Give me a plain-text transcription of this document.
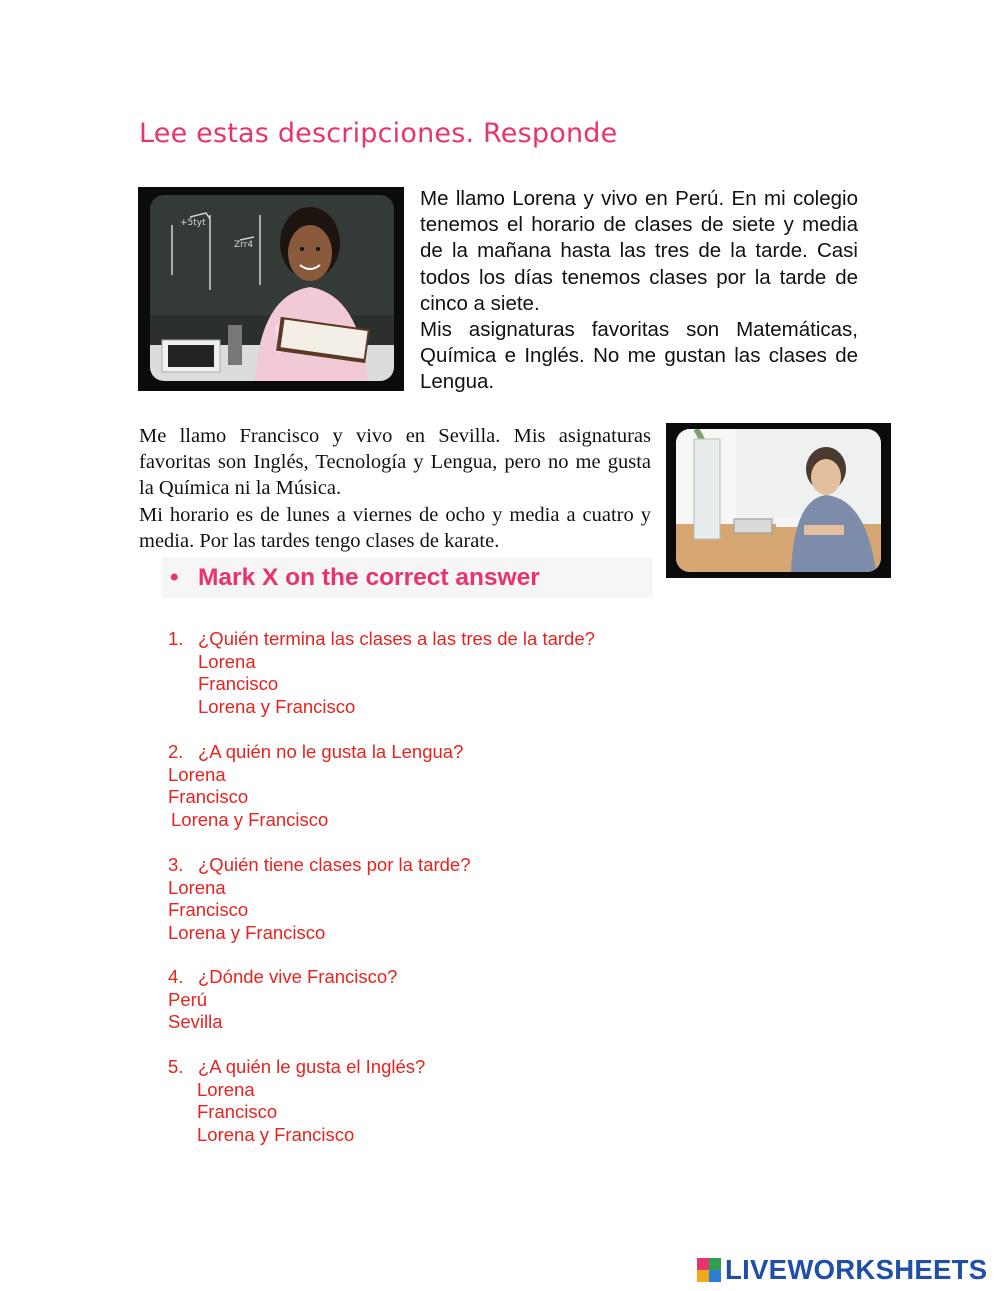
Lee estas descripciones. Responde
+5tyt
Zrr4

Me llamo Lorena y vivo en Perú. En mi colegio tenemos el horario de clases de siete y media de la mañana hasta las tres de la tarde. Casi todos los días tenemos clases por la tarde de cinco a siete.

Mis asignaturas favoritas son Matemáticas, Química e Inglés. No me gustan las clases de Lengua.

Me llamo Francisco y vivo en Sevilla. Mis asignaturas favoritas son Inglés, Tecnología y Lengua, pero no me gusta la Química ni la Música.

Mi horario es de lunes a viernes de ocho y media a cuatro y media. Por las tardes tengo clases de karate.

• Mark X on the correct answer
1. ¿Quién termina las clases a las tres de la tarde?
Lorena
Francisco
Lorena y Francisco
2. ¿A quién no le gusta la Lengua?
Lorena
Francisco
Lorena y Francisco
3. ¿Quién tiene clases por la tarde?
Lorena
Francisco
Lorena y Francisco
4. ¿Dónde vive Francisco?
Perú
Sevilla
5. ¿A quién le gusta el Inglés?
Lorena
Francisco
Lorena y Francisco
LIVEWORKSHEETS
